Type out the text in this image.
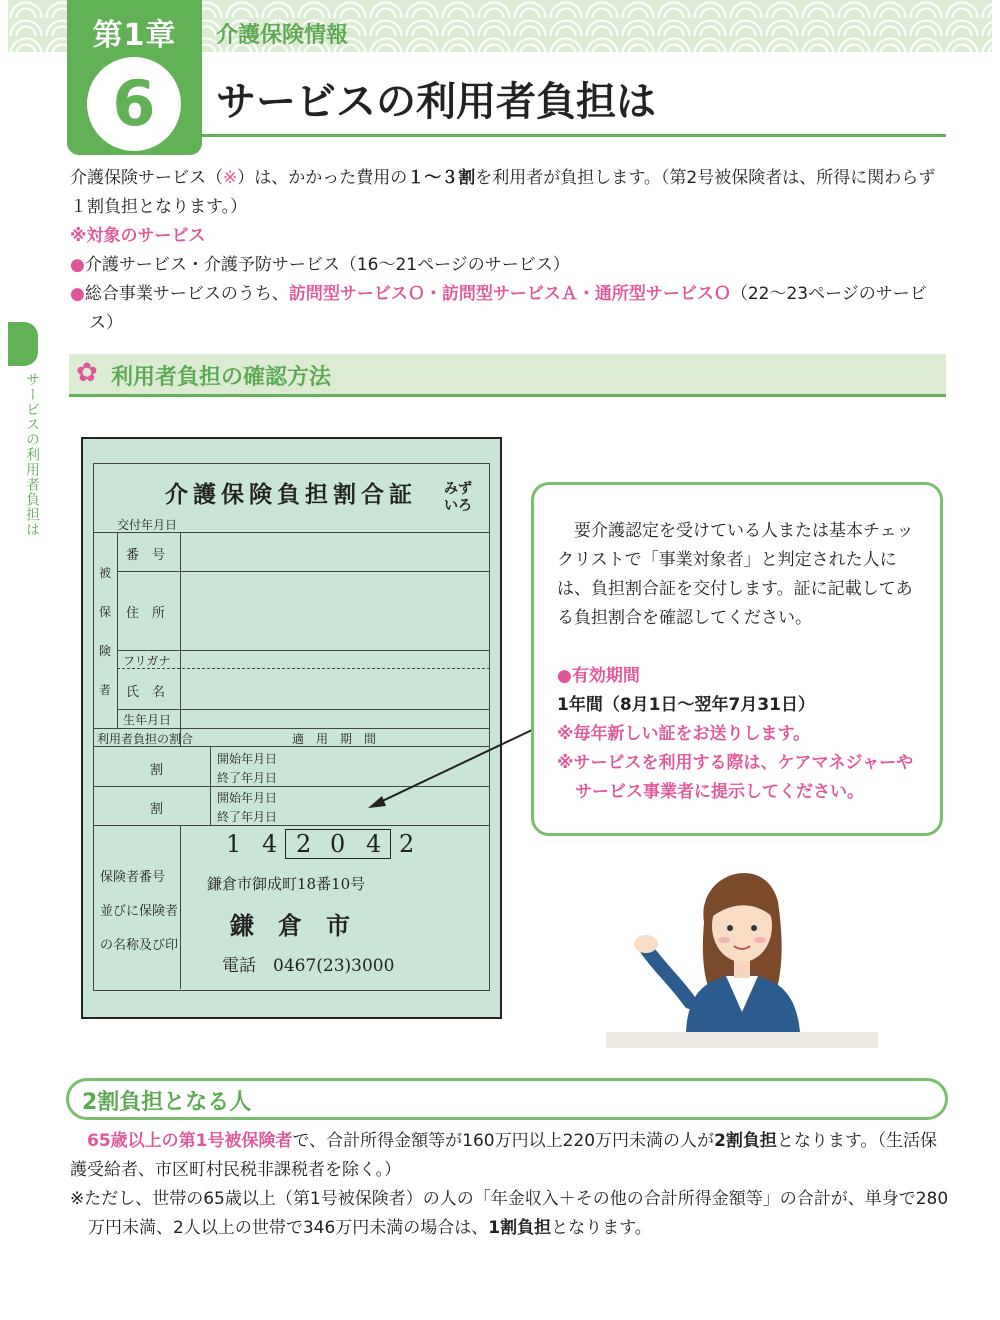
第1章
6
介護保険情報
サービスの利用者負担は
サービスの利用者負担は
介護保険サービス（※）は、かかった費用の１～３割を利用者が負担します。（第2号被保険者は、所得に関わらず１割負担となります。）
※対象のサービス
●介護サービス・介護予防サービス（16～21ページのサービス）
●総合事業サービスのうち、訪問型サービスＯ・訪問型サービスＡ・通所型サービスＯ（22～23ページのサービス）
✿ 利用者負担の確認方法
介護保険負担割合証 みず いろ
交付年月日
被
保
険
者
番　号
住　所
フリガナ
氏　名
生年月日
利用者負担の割合	適　用　期　間
割
開始年月日
終了年月日
割
開始年月日
終了年月日
保険者番号
並びに保険者
の名称及び印
1 4 2 0 4 2
鎌倉市御成町18番10号
鎌　倉　市
電話　0467(23)3000
　要介護認定を受けている人または基本チェックリストで「事業対象者」と判定された人には、負担割合証を交付します。証に記載してある負担割合を確認してください。
●有効期間
1年間（8月1日～翌年7月31日）
※毎年新しい証をお送りします。
※サービスを利用する際は、ケアマネジャーやサービス事業者に提示してください。
2割負担となる人
65歳以上の第1号被保険者で、合計所得金額等が160万円以上220万円未満の人が2割負担となります。（生活保護受給者、市区町村民税非課税者を除く。）
※ただし、世帯の65歳以上（第1号被保険者）の人の「年金収入＋その他の合計所得金額等」の合計が、単身で280万円未満、2人以上の世帯で346万円未満の場合は、1割負担となります。
